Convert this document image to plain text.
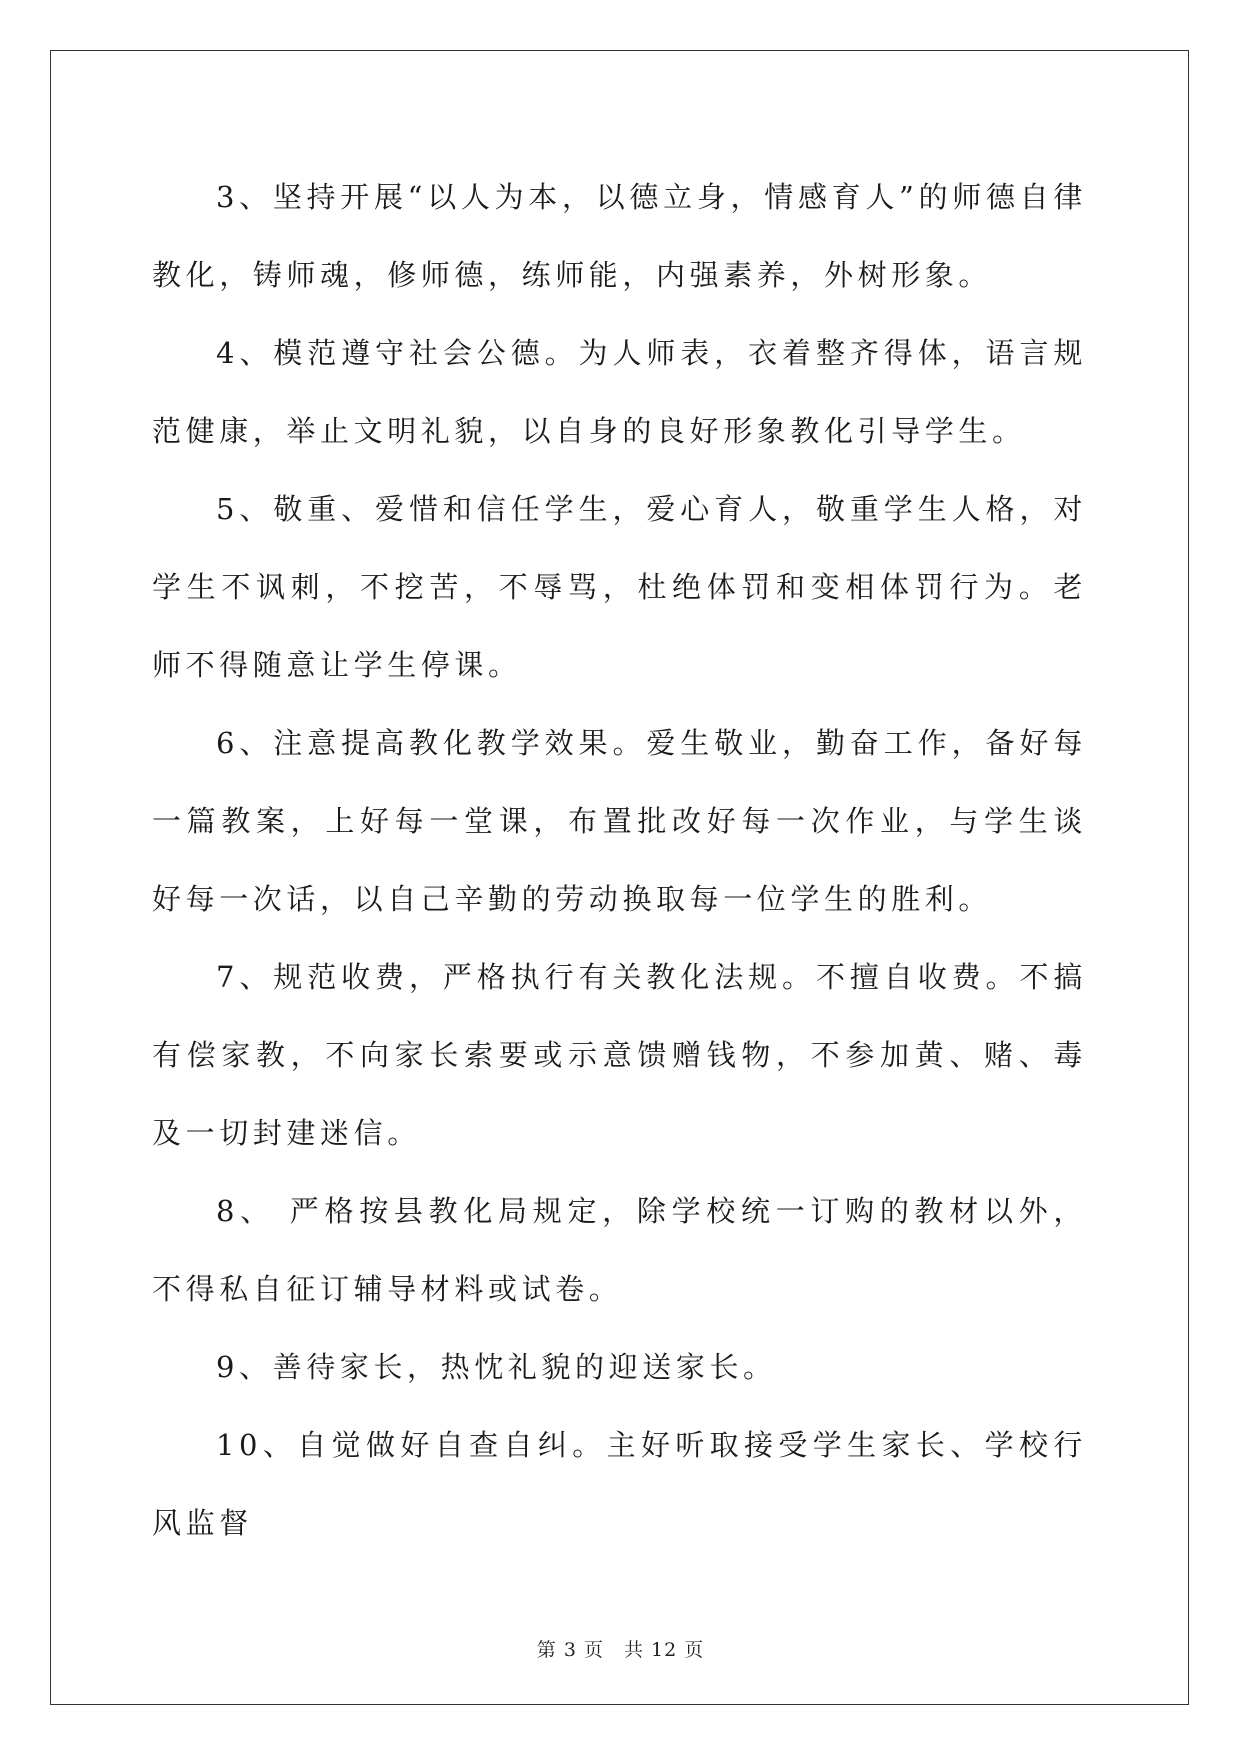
3、坚持开展“以人为本，以德立身，情感育人”的师德自律教化，铸师魂，修师德，练师能，内强素养，外树形象。

4、模范遵守社会公德。为人师表，衣着整齐得体，语言规范健康，举止文明礼貌，以自身的良好形象教化引导学生。

5、敬重、爱惜和信任学生，爱心育人，敬重学生人格，对学生不讽刺，不挖苦，不辱骂，杜绝体罚和变相体罚行为。老师不得随意让学生停课。

6、注意提高教化教学效果。爱生敬业，勤奋工作，备好每一篇教案，上好每一堂课，布置批改好每一次作业，与学生谈好每一次话，以自己辛勤的劳动换取每一位学生的胜利。

7、规范收费，严格执行有关教化法规。不擅自收费。不搞有偿家教，不向家长索要或示意馈赠钱物，不参加黄、赌、毒及一切封建迷信。

8、 严格按县教化局规定，除学校统一订购的教材以外，不得私自征订辅导材料或试卷。

9、善待家长，热忱礼貌的迎送家长。

10、自觉做好自查自纠。主好听取接受学生家长、学校行风监督

第 3 页　共 12 页
